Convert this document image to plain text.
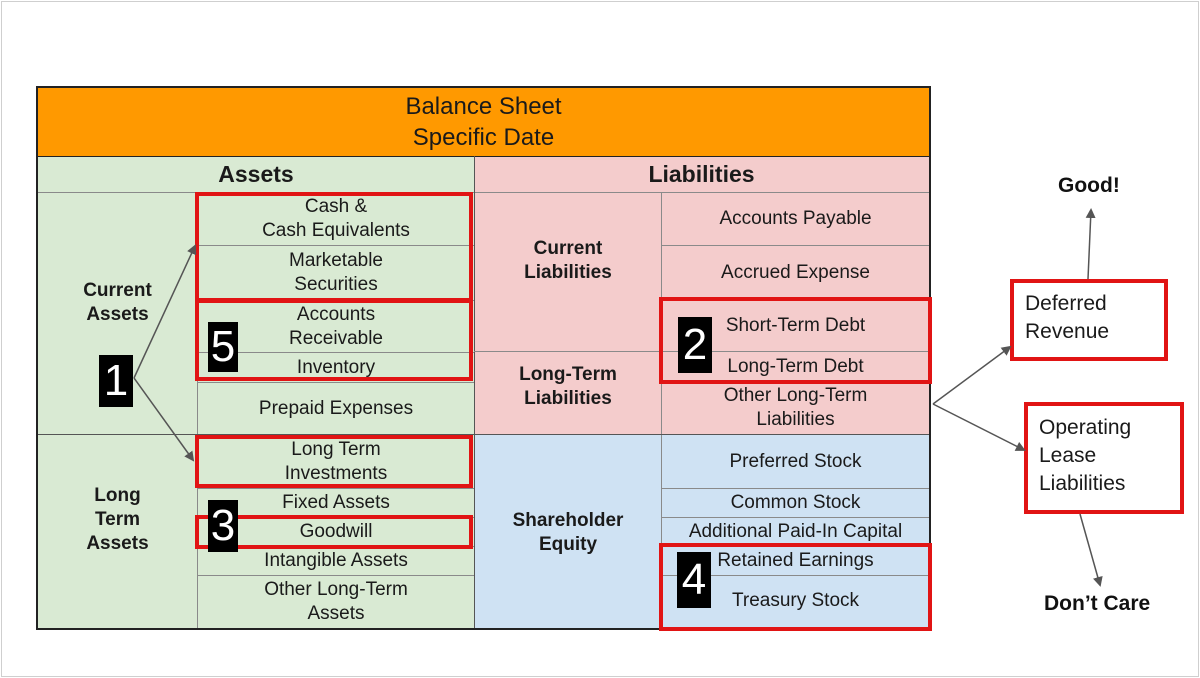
Balance Sheet
Specific Date
Assets	Liabilities
Current
Assets
Long
Term
Assets
Cash &
Cash Equivalents
Marketable
Securities
Accounts
Receivable
Inventory
Prepaid Expenses
Long Term
Investments
Fixed Assets
Goodwill
Intangible Assets
Other Long-Term
Assets
Current
Liabilities
Long-Term
Liabilities
Shareholder
Equity
Accounts Payable
Accrued Expense
Short-Term Debt
Long-Term Debt
Other Long-Term
Liabilities
Preferred Stock
Common Stock
Additional Paid-In Capital
Retained Earnings
Treasury Stock
1
2
3
4
5
Deferred
Revenue
Operating
Lease
Liabilities
Good!
Don’t Care
